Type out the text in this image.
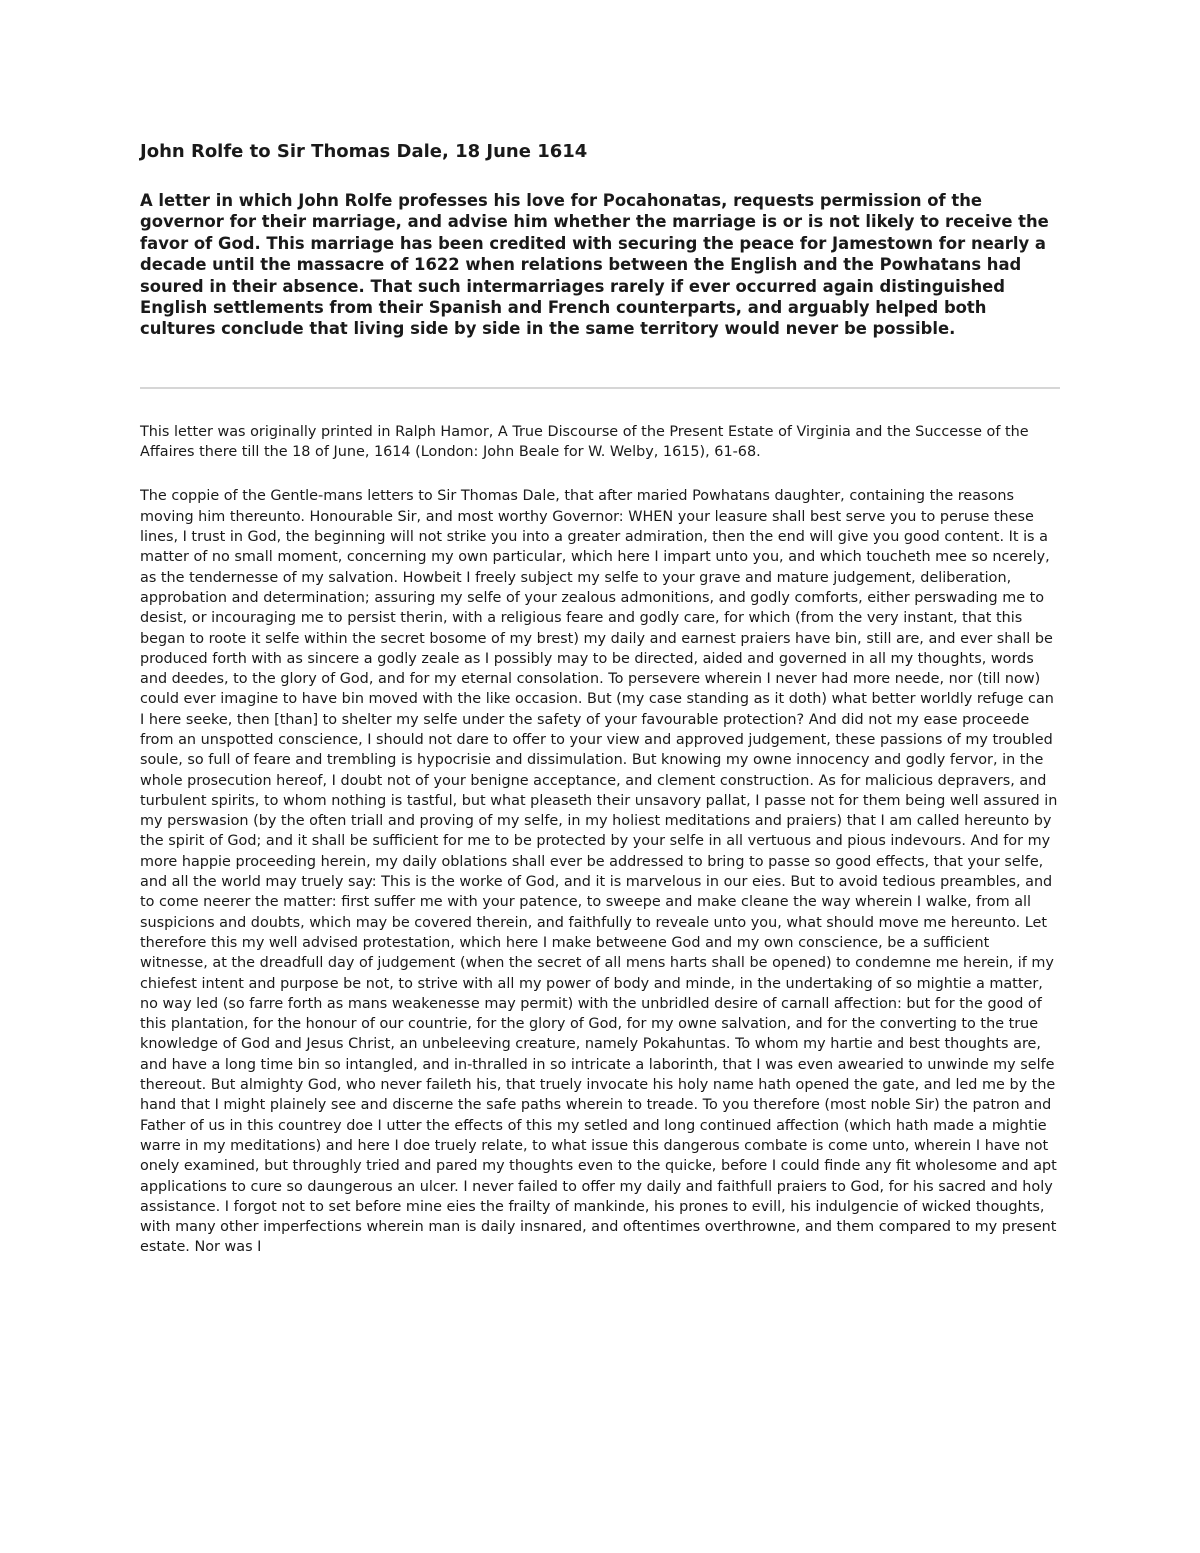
John Rolfe to Sir Thomas Dale, 18 June 1614

A letter in which John Rolfe professes his love for Pocahonatas, requests permission of the governor for their marriage, and advise him whether the marriage is or is not likely to receive the favor of God. This marriage has been credited with securing the peace for Jamestown for nearly a decade until the massacre of 1622 when relations between the English and the Powhatans had soured in their absence. That such intermarriages rarely if ever occurred again distinguished English settlements from their Spanish and French counterparts, and arguably helped both cultures conclude that living side by side in the same territory would never be possible.

This letter was originally printed in Ralph Hamor, A True Discourse of the Present Estate of Virginia and the Successe of the Affaires there till the 18 of June, 1614 (London: John Beale for W. Welby, 1615), 61-68.

The coppie of the Gentle-mans letters to Sir Thomas Dale, that after maried Powhatans daughter, containing the reasons moving him thereunto. Honourable Sir, and most worthy Governor: WHEN your leasure shall best serve you to peruse these lines, I trust in God, the beginning will not strike you into a greater admiration, then the end will give you good content. It is a matter of no small moment, concerning my own particular, which here I impart unto you, and which toucheth mee so ncerely, as the tendernesse of my salvation. Howbeit I freely subject my selfe to your grave and mature judgement, deliberation, approbation and determination; assuring my selfe of your zealous admonitions, and godly comforts, either perswading me to desist, or incouraging me to persist therin, with a religious feare and godly care, for which (from the very instant, that this began to roote it selfe within the secret bosome of my brest) my daily and earnest praiers have bin, still are, and ever shall be produced forth with as sincere a godly zeale as I possibly may to be directed, aided and governed in all my thoughts, words and deedes, to the glory of God, and for my eternal consolation. To persevere wherein I never had more neede, nor (till now) could ever imagine to have bin moved with the like occasion. But (my case standing as it doth) what better worldly refuge can I here seeke, then [than] to shelter my selfe under the safety of your favourable protection? And did not my ease proceede from an unspotted conscience, I should not dare to offer to your view and approved judgement, these passions of my troubled soule, so full of feare and trembling is hypocrisie and dissimulation. But knowing my owne innocency and godly fervor, in the whole prosecution hereof, I doubt not of your benigne acceptance, and clement construction. As for malicious depravers, and turbulent spirits, to whom nothing is tastful, but what pleaseth their unsavory pallat, I passe not for them being well assured in my perswasion (by the often triall and proving of my selfe, in my holiest meditations and praiers) that I am called hereunto by the spirit of God; and it shall be sufficient for me to be protected by your selfe in all vertuous and pious indevours. And for my more happie proceeding herein, my daily oblations shall ever be addressed to bring to passe so good effects, that your selfe, and all the world may truely say: This is the worke of God, and it is marvelous in our eies. But to avoid tedious preambles, and to come neerer the matter: first suffer me with your patence, to sweepe and make cleane the way wherein I walke, from all suspicions and doubts, which may be covered therein, and faithfully to reveale unto you, what should move me hereunto. Let therefore this my well advised protestation, which here I make betweene God and my own conscience, be a sufficient witnesse, at the dreadfull day of judgement (when the secret of all mens harts shall be opened) to condemne me herein, if my chiefest intent and purpose be not, to strive with all my power of body and minde, in the undertaking of so mightie a matter, no way led (so farre forth as mans weakenesse may permit) with the unbridled desire of carnall affection: but for the good of this plantation, for the honour of our countrie, for the glory of God, for my owne salvation, and for the converting to the true knowledge of God and Jesus Christ, an unbeleeving creature, namely Pokahuntas. To whom my hartie and best thoughts are, and have a long time bin so intangled, and in-thralled in so intricate a laborinth, that I was even awearied to unwinde my selfe thereout. But almighty God, who never faileth his, that truely invocate his holy name hath opened the gate, and led me by the hand that I might plainely see and discerne the safe paths wherein to treade. To you therefore (most noble Sir) the patron and Father of us in this countrey doe I utter the effects of this my setled and long continued affection (which hath made a mightie warre in my meditations) and here I doe truely relate, to what issue this dangerous combate is come unto, wherein I have not onely examined, but throughly tried and pared my thoughts even to the quicke, before I could finde any fit wholesome and apt applications to cure so daungerous an ulcer. I never failed to offer my daily and faithfull praiers to God, for his sacred and holy assistance. I forgot not to set before mine eies the frailty of mankinde, his prones to evill, his indulgencie of wicked thoughts, with many other imperfections wherein man is daily insnared, and oftentimes overthrowne, and them compared to my present estate. Nor was I
